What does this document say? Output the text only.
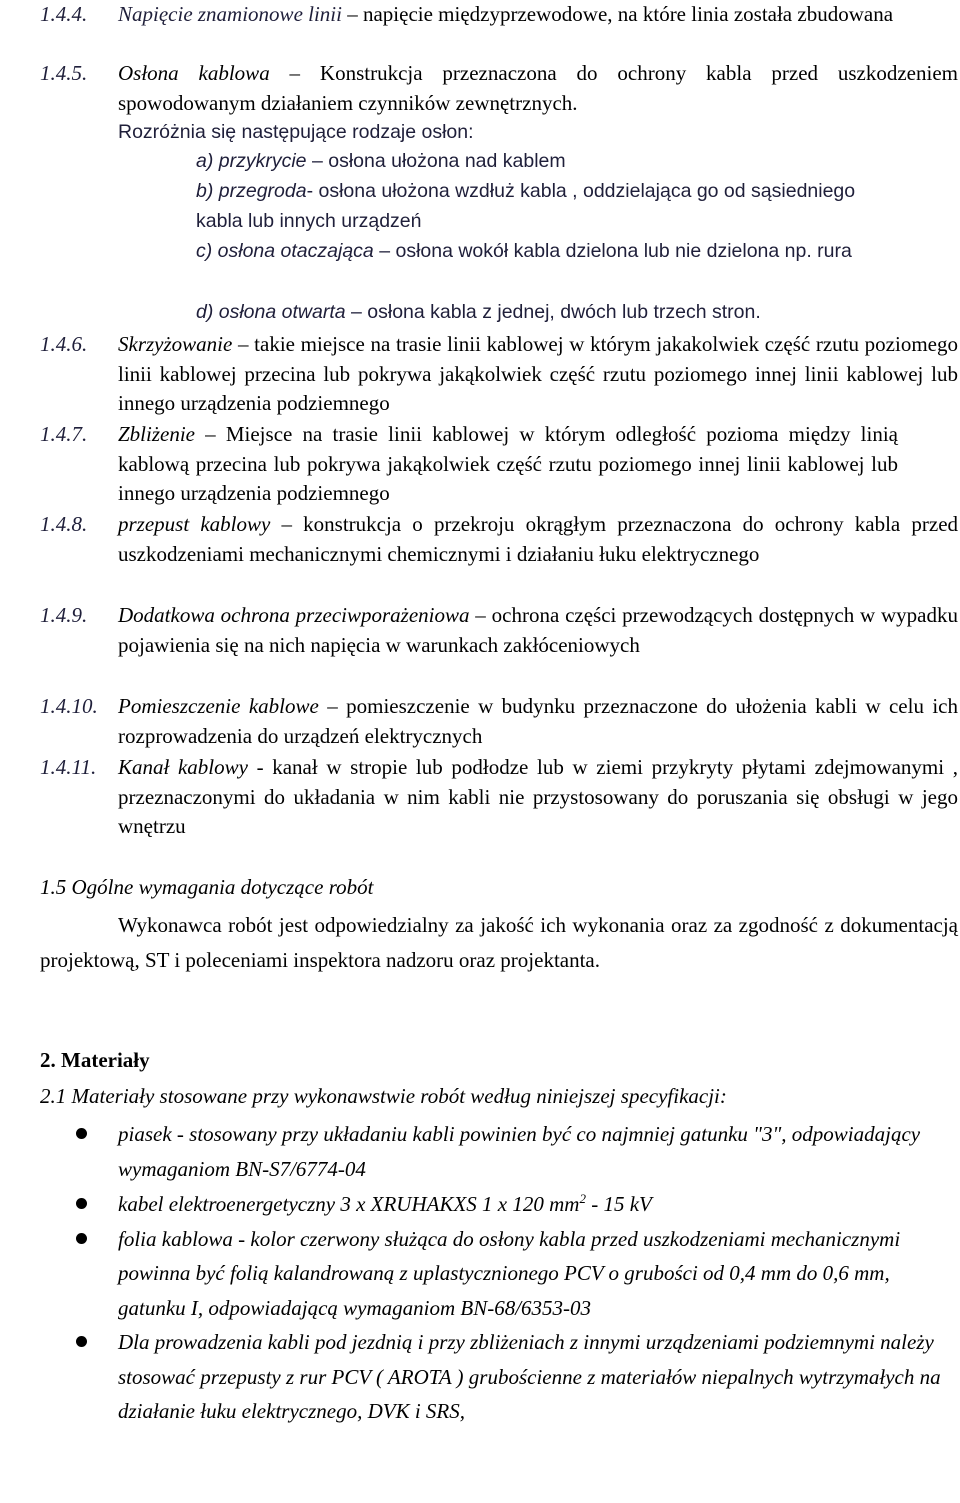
1.4.4. Napięcie znamionowe linii – napięcie międzyprzewodowe, na które linia została zbudowana
1.4.5. Osłona kablowa – Konstrukcja przeznaczona do ochrony kabla przed uszkodzeniem spowodowanym działaniem czynników zewnętrznych.
Rozróżnia się następujące rodzaje osłon:
a) przykrycie – osłona ułożona nad kablem
b) przegroda- osłona ułożona wzdłuż kabla , oddzielająca go od sąsiedniego kabla lub innych urządzeń
c) osłona otaczająca – osłona wokół kabla dzielona lub nie dzielona np. rura
d) osłona otwarta – osłona kabla z jednej, dwóch lub trzech stron.
1.4.6. Skrzyżowanie – takie miejsce na trasie linii kablowej w którym jakakolwiek część rzutu poziomego linii kablowej przecina lub pokrywa jakąkolwiek część rzutu poziomego innej linii kablowej lub innego urządzenia podziemnego
1.4.7. Zbliżenie – Miejsce na trasie linii kablowej w którym odległość pozioma między linią kablową przecina lub pokrywa jakąkolwiek część rzutu poziomego innej linii kablowej lub innego urządzenia podziemnego
1.4.8. przepust kablowy – konstrukcja o przekroju okrągłym przeznaczona do ochrony kabla przed uszkodzeniami mechanicznymi chemicznymi i działaniu łuku elektrycznego
1.4.9. Dodatkowa ochrona przeciwporażeniowa – ochrona części przewodzących dostępnych w wypadku pojawienia się na nich napięcia w warunkach zakłóceniowych
1.4.10. Pomieszczenie kablowe – pomieszczenie w budynku przeznaczone do ułożenia kabli w celu ich rozprowadzenia do urządzeń elektrycznych
1.4.11. Kanał kablowy - kanał w stropie lub podłodze lub w ziemi przykryty płytami zdejmowanymi , przeznaczonymi do układania w nim kabli nie przystosowany do poruszania się obsługi w jego wnętrzu
1.5 Ogólne wymagania dotyczące robót
Wykonawca robót jest odpowiedzialny za jakość ich wykonania oraz za zgodność z dokumentacją projektową, ST i poleceniami inspektora nadzoru oraz projektanta.
2. Materiały
2.1 Materiały stosowane przy wykonawstwie robót według niniejszej specyfikacji:
piasek - stosowany przy układaniu kabli powinien być co najmniej gatunku "3", odpowiadający wymaganiom BN-S7/6774-04
kabel elektroenergetyczny 3 x XRUHAKXS 1 x 120 $mm^2 - 15$ kV
folia kablowa - kolor czerwony służąca do osłony kabla przed uszkodzeniami mechanicznymi powinna być folią kalandrowaną z uplastycznionego PCV o grubości od 0,4 mm do 0,6 mm, gatunku I, odpowiadającą wymaganiom BN-68/6353-03
Dla prowadzenia kabli pod jezdnią i przy zbliżeniach z innymi urządzeniami podziemnymi należy stosować przepusty z rur PCV ( AROTA ) grubościenne z materiałów niepalnych wytrzymałych na działanie łuku elektrycznego, DVK i SRS,
